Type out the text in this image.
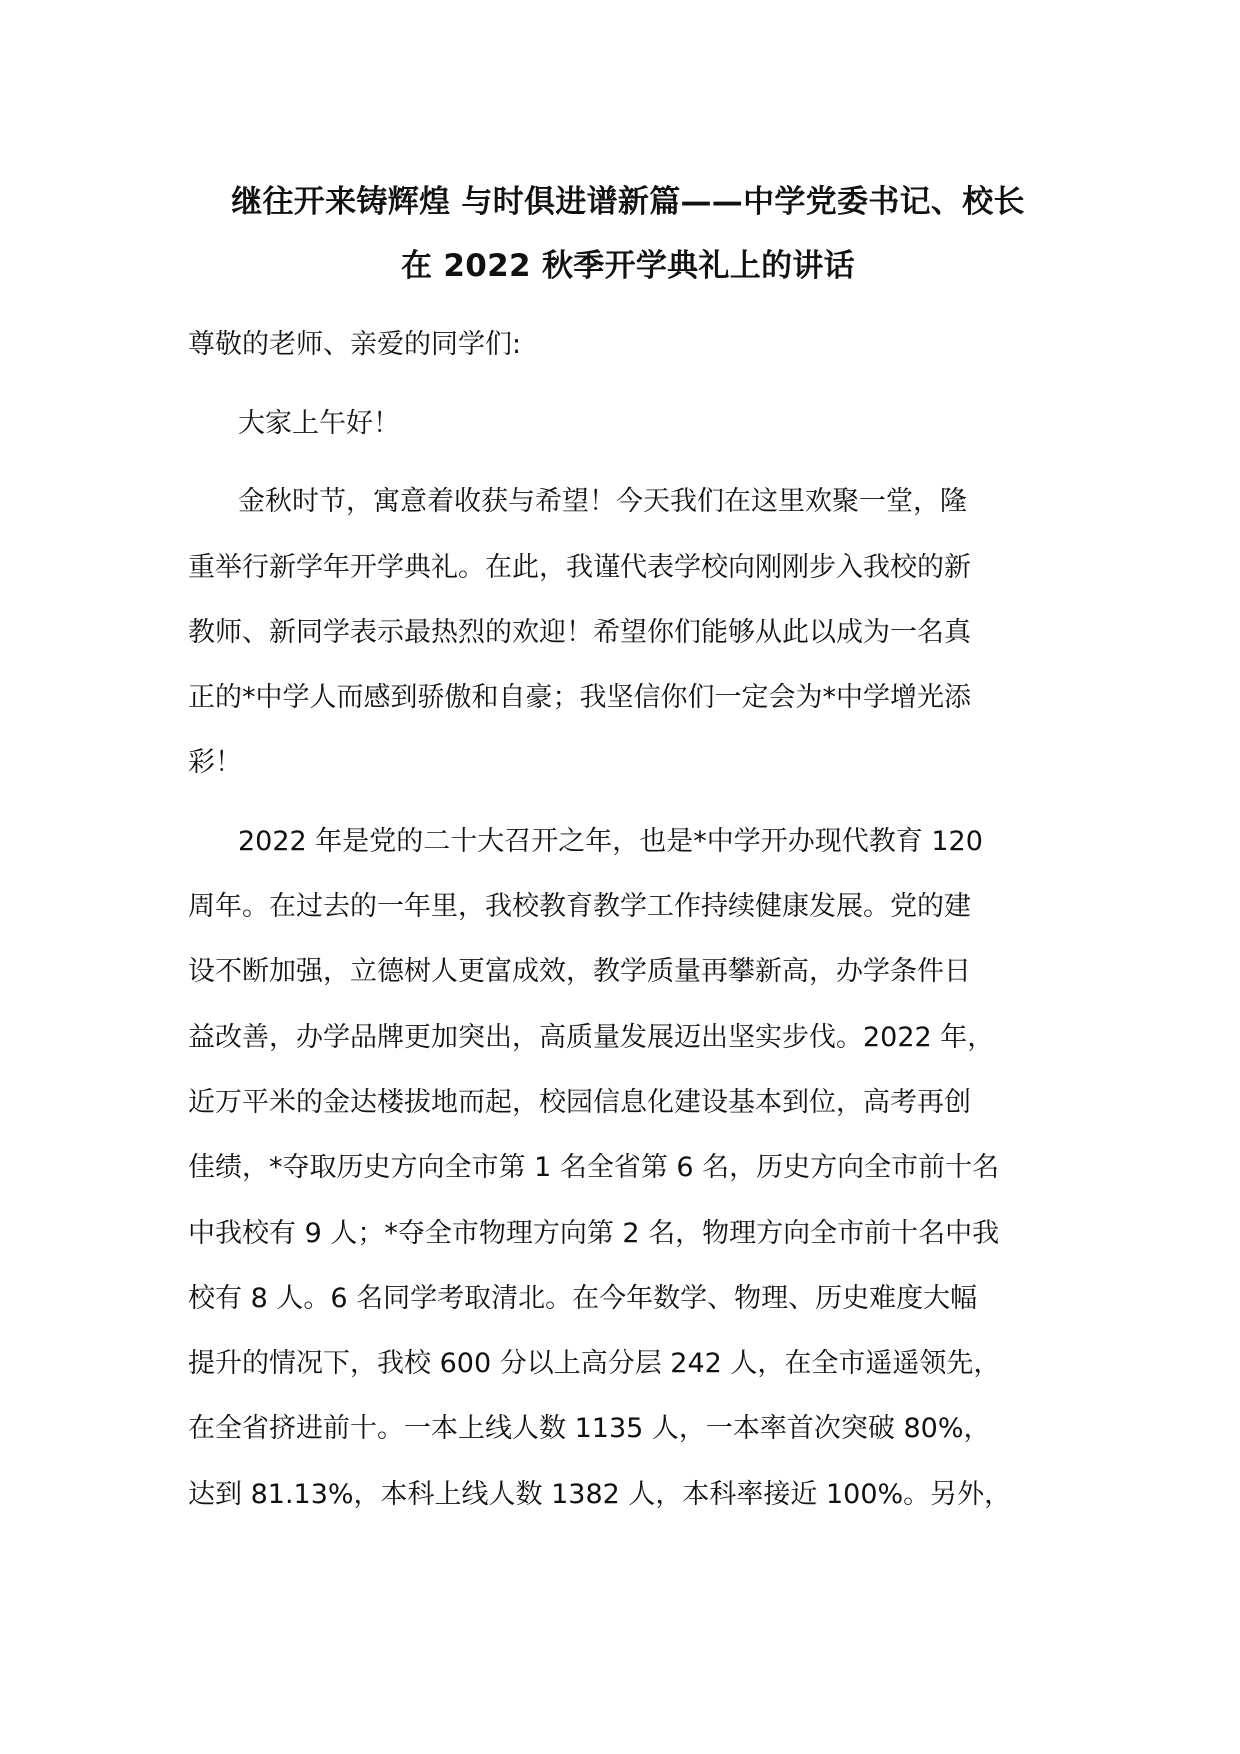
继往开来铸辉煌 与时俱进谱新篇——中学党委书记、校长
在 2022 秋季开学典礼上的讲话

尊敬的老师、亲爱的同学们:

大家上午好！

金秋时节，寓意着收获与希望！今天我们在这里欢聚一堂，隆
重举行新学年开学典礼。在此，我谨代表学校向刚刚步入我校的新
教师、新同学表示最热烈的欢迎！希望你们能够从此以成为一名真
正的*中学人而感到骄傲和自豪；我坚信你们一定会为*中学增光添
彩！

2022 年是党的二十大召开之年，也是*中学开办现代教育 120
周年。在过去的一年里，我校教育教学工作持续健康发展。党的建
设不断加强，立德树人更富成效，教学质量再攀新高，办学条件日
益改善，办学品牌更加突出，高质量发展迈出坚实步伐。2022 年，
近万平米的金达楼拔地而起，校园信息化建设基本到位，高考再创
佳绩，*夺取历史方向全市第 1 名全省第 6 名，历史方向全市前十名
中我校有 9 人；*夺全市物理方向第 2 名，物理方向全市前十名中我
校有 8 人。6 名同学考取清北。在今年数学、物理、历史难度大幅
提升的情况下，我校 600 分以上高分层 242 人，在全市遥遥领先，
在全省挤进前十。一本上线人数 1135 人，一本率首次突破 80%，
达到 81.13%，本科上线人数 1382 人，本科率接近 100%。另外，
